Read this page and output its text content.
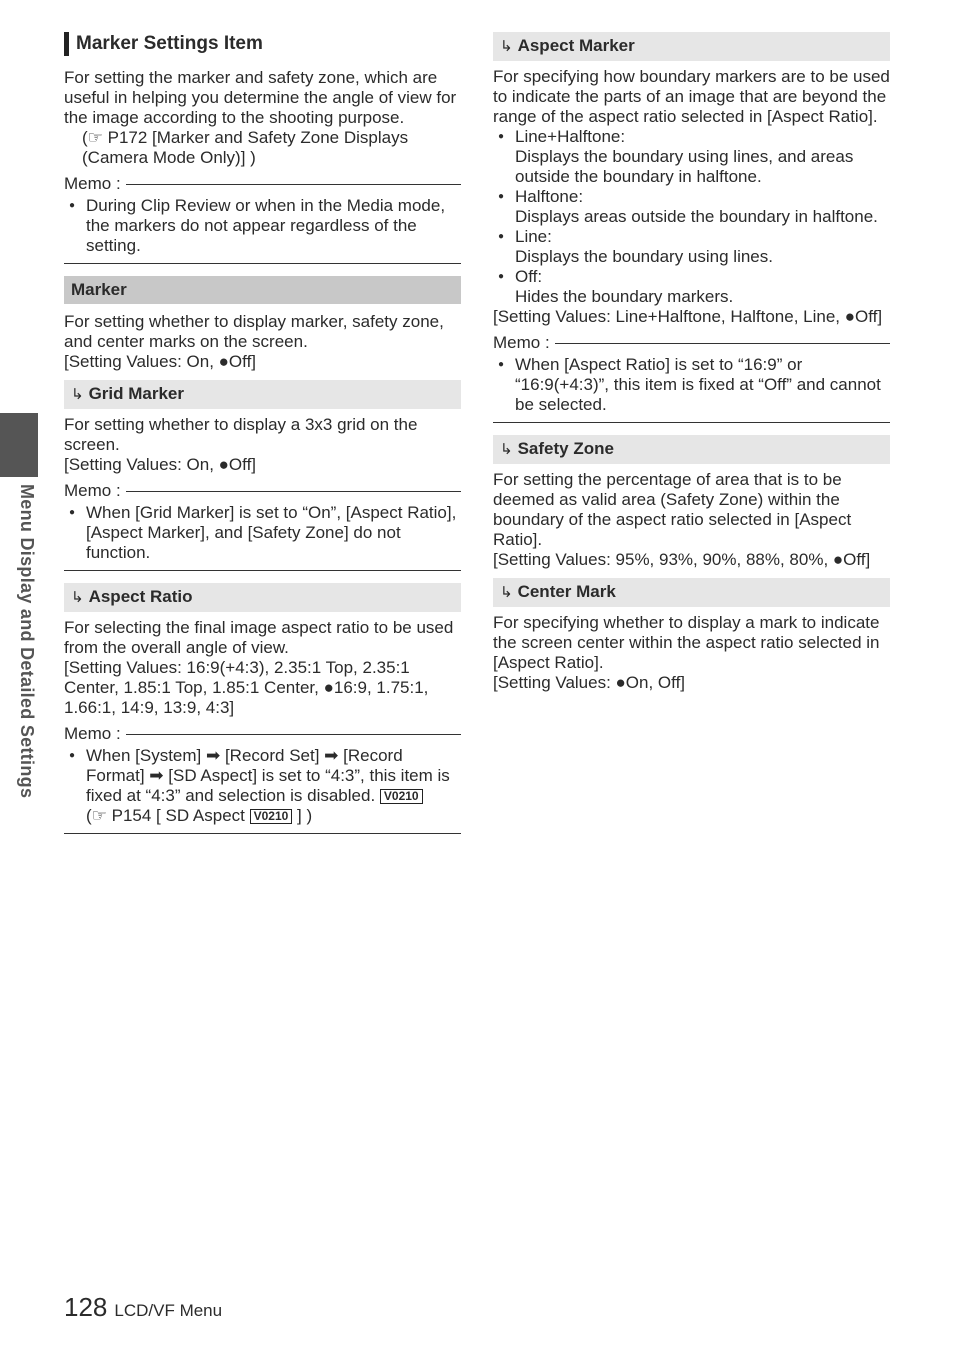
Menu Display and Detailed Settings
Marker Settings Item

For setting the marker and safety zone, which are useful in helping you determine the angle of view for the image according to the shooting purpose.

(☞ P172 [Marker and Safety Zone Displays (Camera Mode Only)] )

Memo :
● During Clip Review or when in the Media mode, the markers do not appear regardless of the setting.
Marker

For setting whether to display marker, safety zone, and center marks on the screen.

[Setting Values: On, ●Off]

↳ Grid Marker

For setting whether to display a 3x3 grid on the screen.

[Setting Values: On, ●Off]

Memo :
● When [Grid Marker] is set to “On”, [Aspect Ratio], [Aspect Marker], and [Safety Zone] do not function.
↳ Aspect Ratio

For selecting the final image aspect ratio to be used from the overall angle of view.

[Setting Values: 16:9(+4:3), 2.35:1 Top, 2.35:1 Center, 1.85:1 Top, 1.85:1 Center, ●16:9, 1.75:1, 1.66:1, 14:9, 13:9, 4:3]

Memo :
● When [System] ➡ [Record Set] ➡ [Record Format] ➡ [SD Aspect] is set to “4:3”, this item is fixed at “4:3” and selection is disabled. V0210
(☞ P154 [ SD Aspect V0210 ] )
↳ Aspect Marker

For specifying how boundary markers are to be used to indicate the parts of an image that are beyond the range of the aspect ratio selected in [Aspect Ratio].

● Line+Halftone:
Displays the boundary using lines, and areas outside the boundary in halftone.
● Halftone:
Displays areas outside the boundary in halftone.
● Line:
Displays the boundary using lines.
● Off:
Hides the boundary markers.

[Setting Values: Line+Halftone, Halftone, Line, ●Off]

Memo :
● When [Aspect Ratio] is set to “16:9” or “16:9(+4:3)”, this item is fixed at “Off” and cannot be selected.
↳ Safety Zone

For setting the percentage of area that is to be deemed as valid area (Safety Zone) within the boundary of the aspect ratio selected in [Aspect Ratio].

[Setting Values: 95%, 93%, 90%, 88%, 80%, ●Off]

↳ Center Mark

For specifying whether to display a mark to indicate the screen center within the aspect ratio selected in [Aspect Ratio].

[Setting Values: ●On, Off]

128 LCD/VF Menu
